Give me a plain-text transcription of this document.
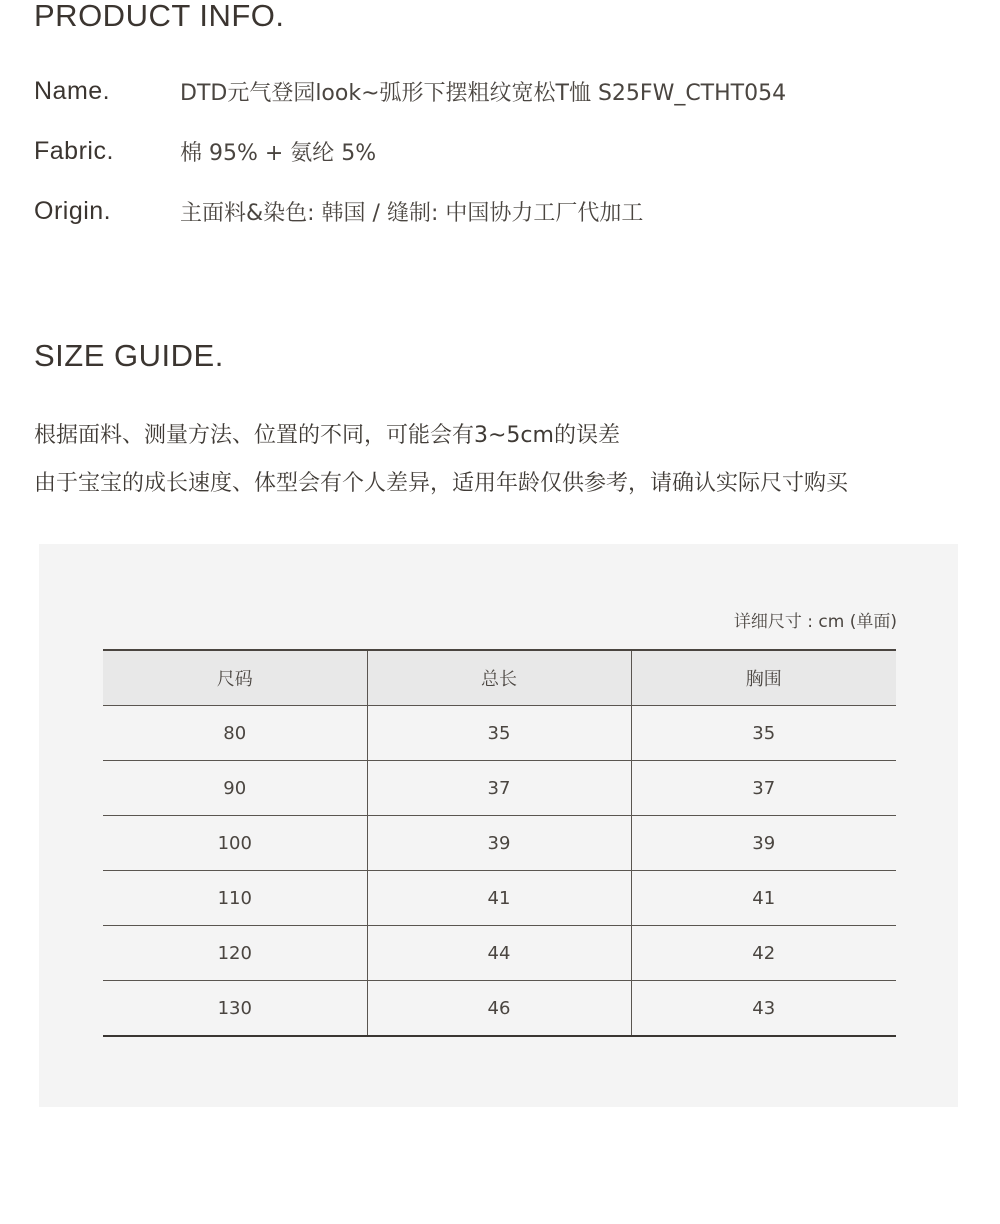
PRODUCT INFO.
Name.	DTD元气登园look~弧形下摆粗纹宽松T恤 S25FW_CTHT054
Fabric.	棉 95% + 氨纶 5%
Origin.	主面料&染色: 韩国 / 缝制: 中国协力工厂代加工
SIZE GUIDE.
根据面料、测量方法、位置的不同，可能会有3~5cm的误差
由于宝宝的成长速度、体型会有个人差异，适用年龄仅供参考，请确认实际尺寸购买
详细尺寸 : cm (单面)
尺码	总长	胸围
80	35	35
90	37	37
100	39	39
110	41	41
120	44	42
130	46	43
